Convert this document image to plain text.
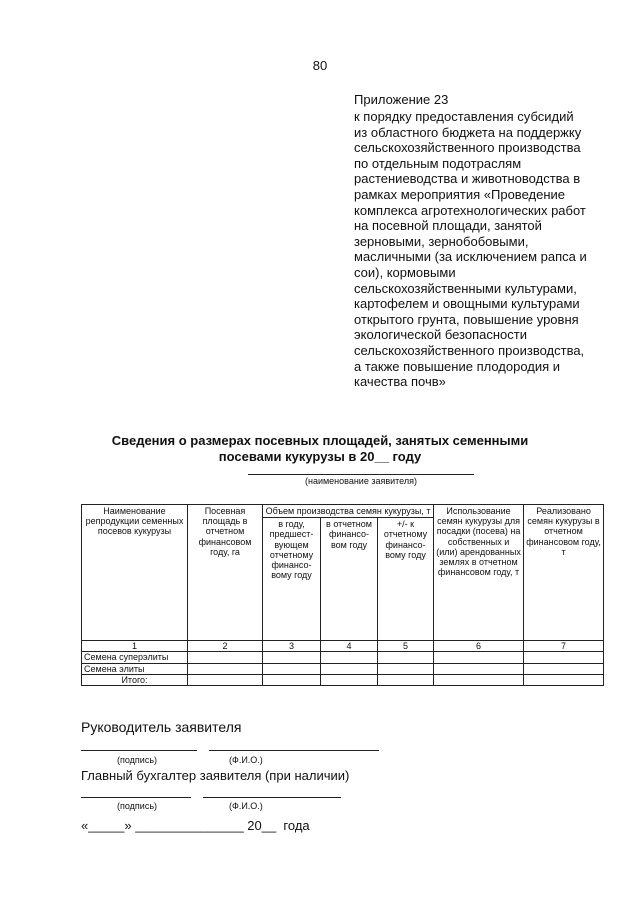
80
Приложение 23
к порядку предоставления субсидий
из областного бюджета на поддержку
сельскохозяйственного производства
по отдельным подотраслям
растениеводства и животноводства в
рамках мероприятия «Проведение
комплекса агротехнологических работ
на посевной площади, занятой
зерновыми, зернобобовыми,
масличными (за исключением рапса и
сои), кормовыми
сельскохозяйственными культурами,
картофелем и овощными культурами
открытого грунта, повышение уровня
экологической безопасности
сельскохозяйственного производства,
а также повышение плодородия и
качества почв»
Сведения о размерах посевных площадей, занятых семенными
посевами кукурузы в 20__ году
(наименование заявителя)
Наименование репродукции семенных посевов кукурузы	Посевная площадь в отчетном финансовом году, га	Объем производства семян кукурузы, т			Использование семян кукурузы для посадки (посева) на собственных и (или) арендованных землях в отчетном финансовом году, т	Реализовано семян кукурузы в отчетном финансовом году, т
		в году, предшест-вующем отчетному финансо-вому году	в отчетном финансо-вом году	+/- к отчетному финансо-вому году		
1	2	3	4	5	6	7
Семена суперэлиты						
Семена элиты						
Итого:						
Руководитель заявителя
(подпись)	(Ф.И.О.)
Главный бухгалтер заявителя (при наличии)
(подпись)	(Ф.И.О.)
«_____» _______________ 20__  года
